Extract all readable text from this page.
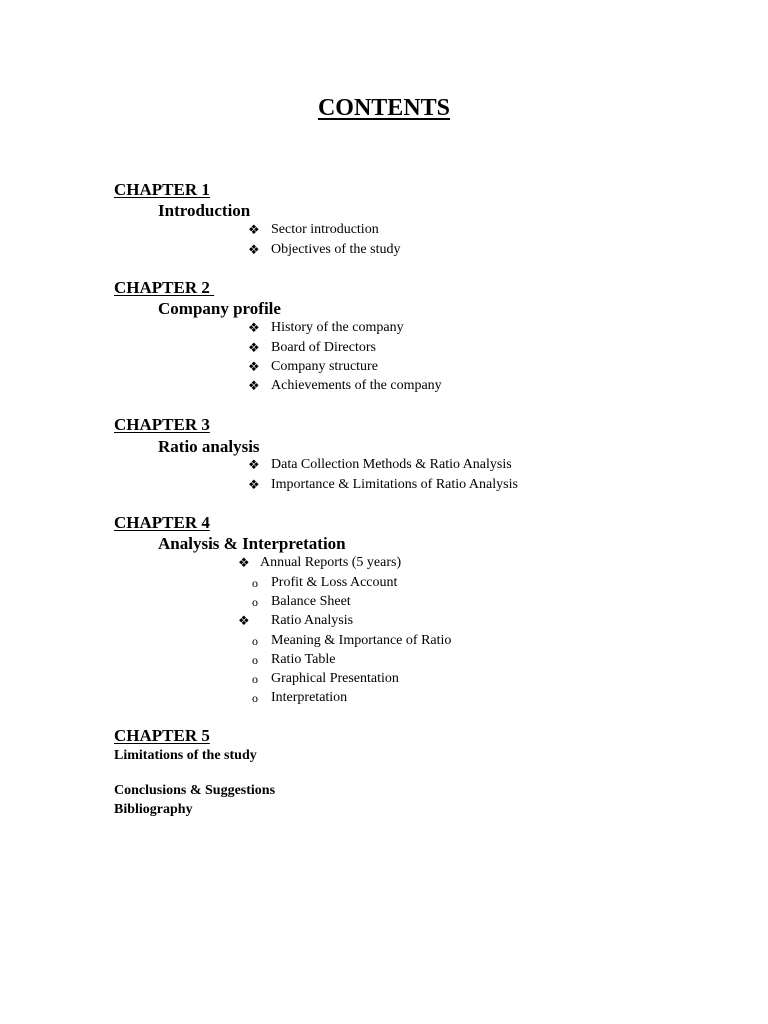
CONTENTS
CHAPTER 1
Introduction
❖ Sector introduction
❖ Objectives of the study
CHAPTER 2
Company profile
❖ History of the company
❖ Board of Directors
❖ Company structure
❖ Achievements of the company
CHAPTER 3
Ratio analysis
❖ Data Collection Methods & Ratio Analysis
❖ Importance & Limitations of Ratio Analysis
CHAPTER 4
Analysis & Interpretation
❖ Annual Reports (5 years)
o Profit & Loss Account
o Balance Sheet
❖ Ratio Analysis
o Meaning & Importance of Ratio
o Ratio Table
o Graphical Presentation
o Interpretation
CHAPTER 5
Limitations of the study
Conclusions & Suggestions
Bibliography
